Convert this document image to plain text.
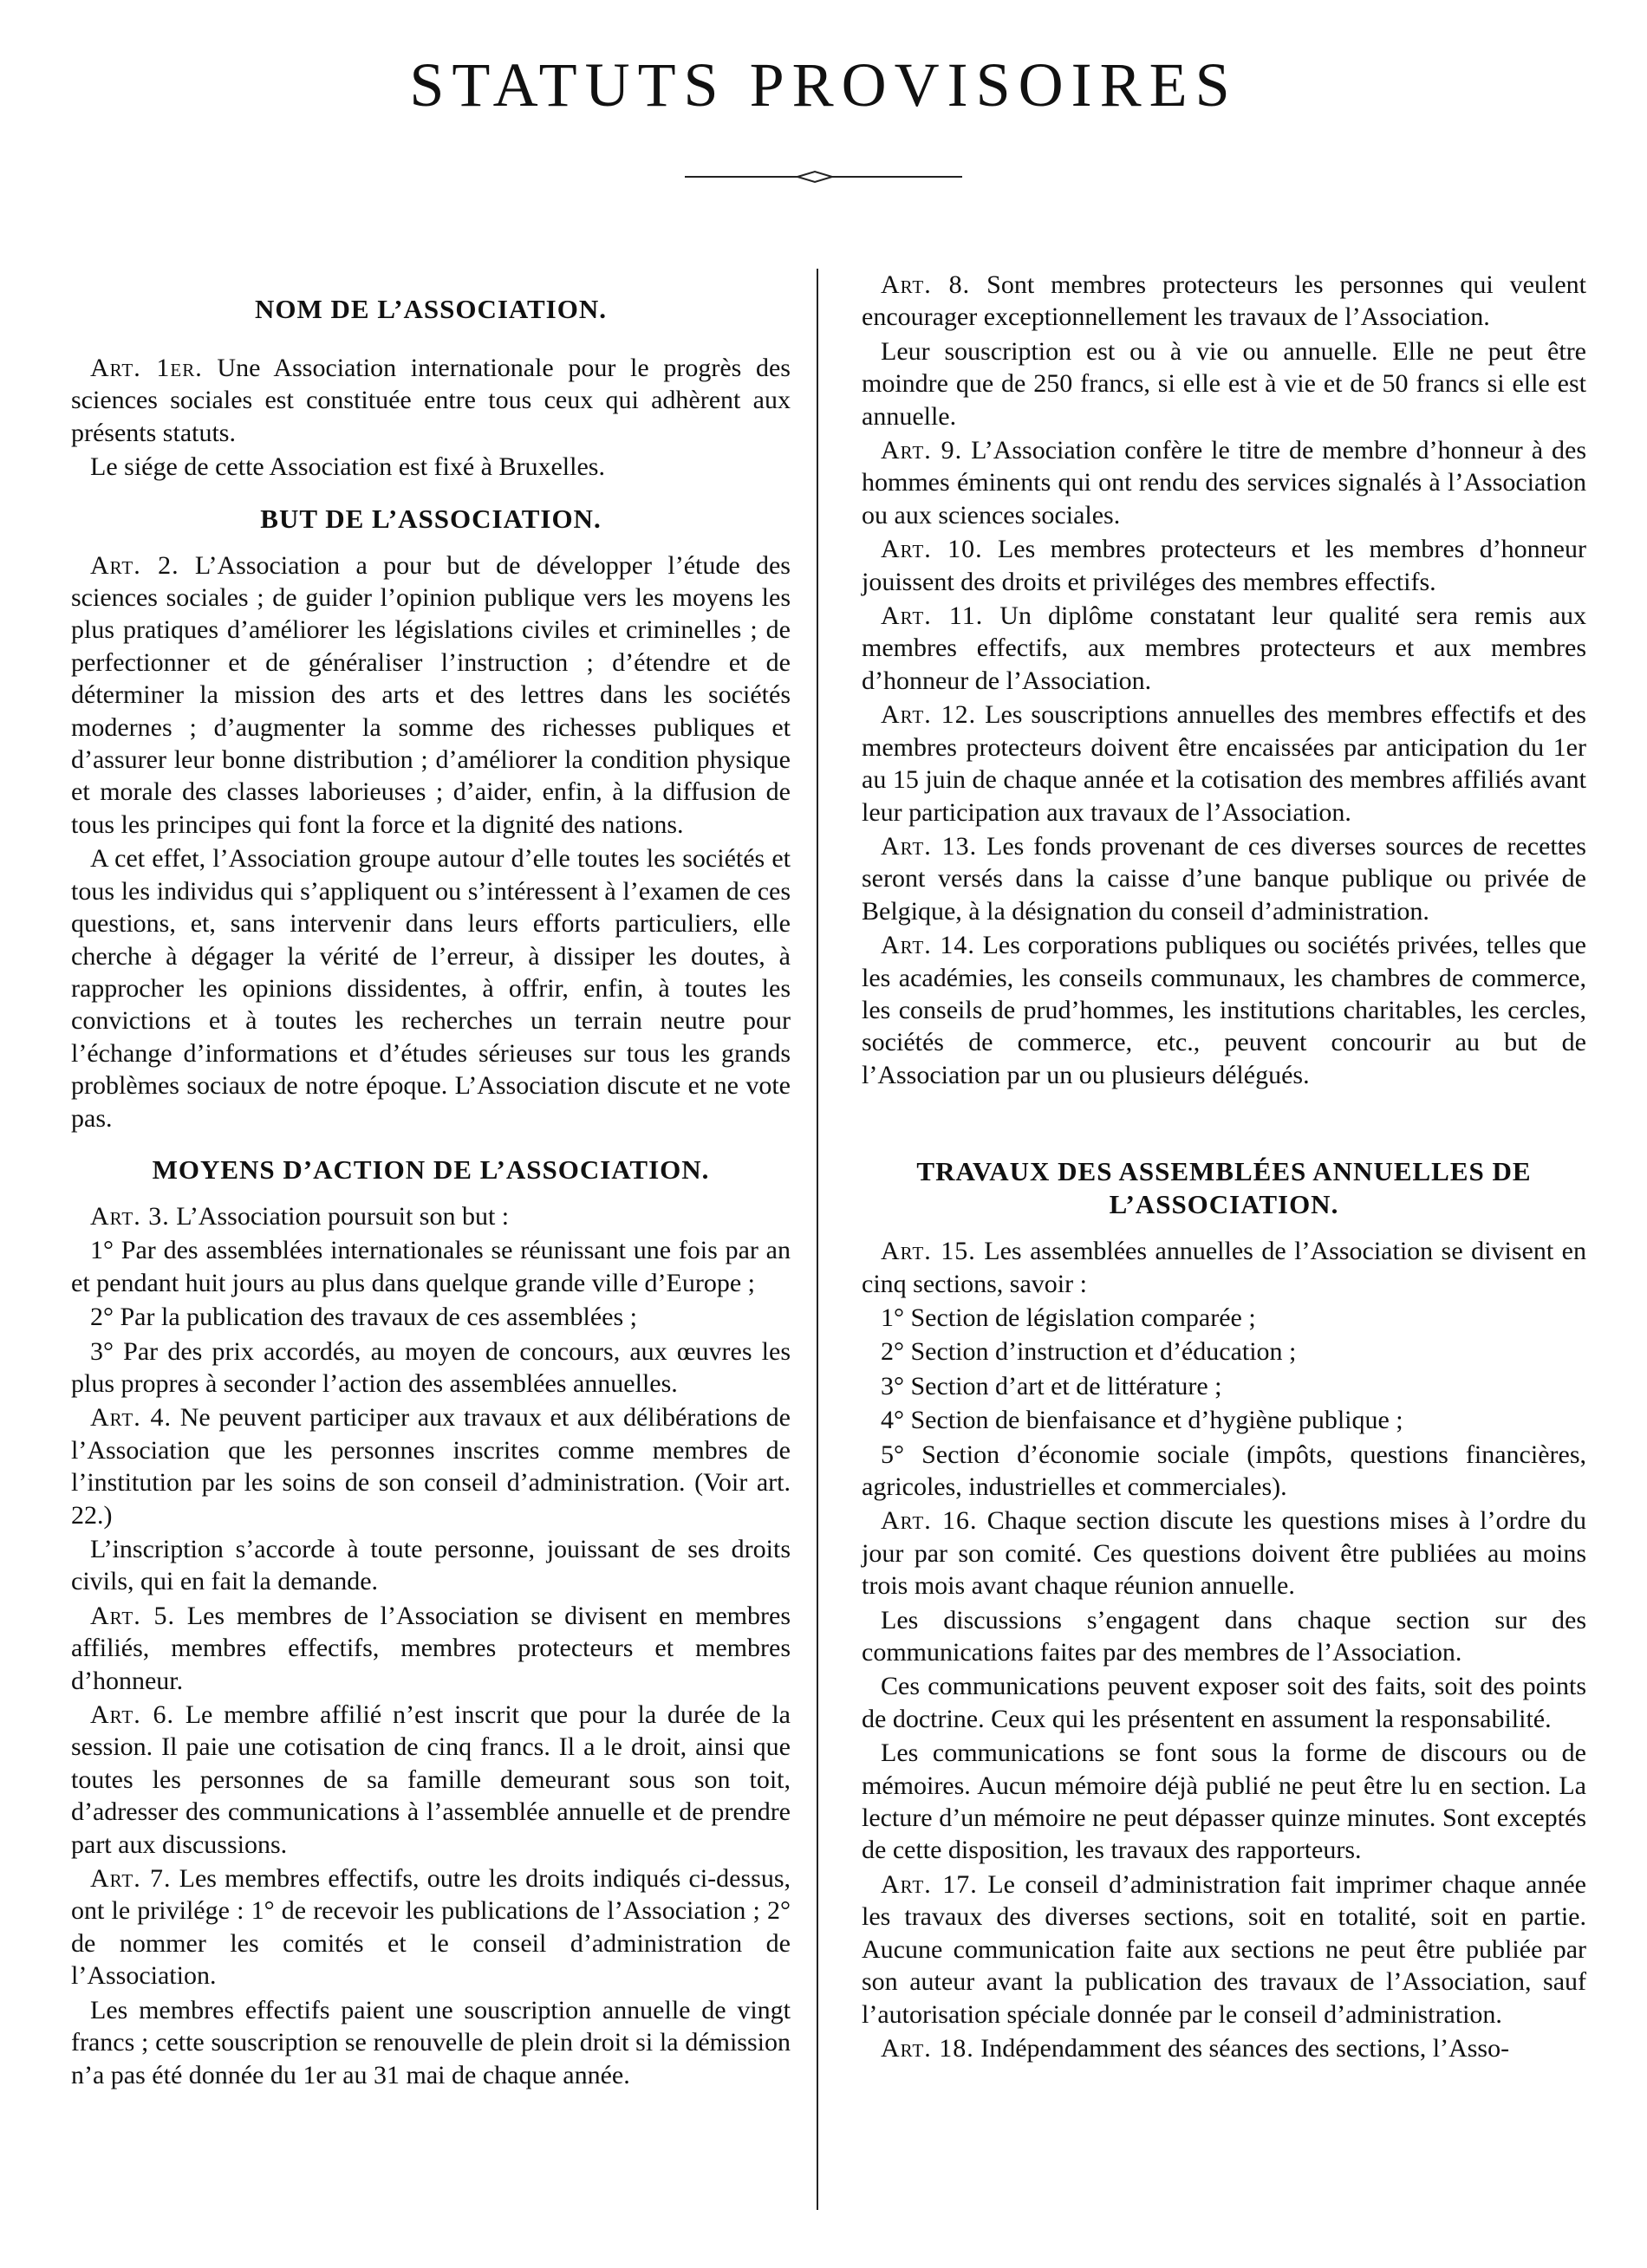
STATUTS PROVISOIRES
NOM DE L’ASSOCIATION.

Art. 1er. Une Association internationale pour le progrès des sciences sociales est constituée entre tous ceux qui adhèrent aux présents statuts.

Le siége de cette Association est fixé à Bruxelles.

BUT DE L’ASSOCIATION.

Art. 2. L’Association a pour but de développer l’étude des sciences sociales ; de guider l’opinion publique vers les moyens les plus pratiques d’améliorer les législations civiles et criminelles ; de perfectionner et de généraliser l’instruction ; d’étendre et de déterminer la mission des arts et des lettres dans les sociétés modernes ; d’augmenter la somme des richesses publiques et d’assurer leur bonne distribution ; d’améliorer la condition physique et morale des classes laborieuses ; d’aider, enfin, à la diffusion de tous les principes qui font la force et la dignité des nations.

A cet effet, l’Association groupe autour d’elle toutes les sociétés et tous les individus qui s’appliquent ou s’intéressent à l’examen de ces questions, et, sans intervenir dans leurs efforts particuliers, elle cherche à dégager la vérité de l’erreur, à dissiper les doutes, à rapprocher les opinions dissidentes, à offrir, enfin, à toutes les convictions et à toutes les recherches un terrain neutre pour l’échange d’informations et d’études sérieuses sur tous les grands problèmes sociaux de notre époque. L’Association discute et ne vote pas.

MOYENS D’ACTION DE L’ASSOCIATION.

Art. 3. L’Association poursuit son but :

1° Par des assemblées internationales se réunissant une fois par an et pendant huit jours au plus dans quelque grande ville d’Europe ;

2° Par la publication des travaux de ces assemblées ;

3° Par des prix accordés, au moyen de concours, aux œuvres les plus propres à seconder l’action des assemblées annuelles.

Art. 4. Ne peuvent participer aux travaux et aux délibérations de l’Association que les personnes inscrites comme membres de l’institution par les soins de son conseil d’administration. (Voir art. 22.)

L’inscription s’accorde à toute personne, jouissant de ses droits civils, qui en fait la demande.

Art. 5. Les membres de l’Association se divisent en membres affiliés, membres effectifs, membres protecteurs et membres d’honneur.

Art. 6. Le membre affilié n’est inscrit que pour la durée de la session. Il paie une cotisation de cinq francs. Il a le droit, ainsi que toutes les personnes de sa famille demeurant sous son toit, d’adresser des communications à l’assemblée annuelle et de prendre part aux discussions.

Art. 7. Les membres effectifs, outre les droits indiqués ci-dessus, ont le privilége : 1° de recevoir les publications de l’Association ; 2° de nommer les comités et le conseil d’administration de l’Association.

Les membres effectifs paient une souscription annuelle de vingt francs ; cette souscription se renouvelle de plein droit si la démission n’a pas été donnée du 1er au 31 mai de chaque année.

Art. 8. Sont membres protecteurs les personnes qui veulent encourager exceptionnellement les travaux de l’Association.

Leur souscription est ou à vie ou annuelle. Elle ne peut être moindre que de 250 francs, si elle est à vie et de 50 francs si elle est annuelle.

Art. 9. L’Association confère le titre de membre d’honneur à des hommes éminents qui ont rendu des services signalés à l’Association ou aux sciences sociales.

Art. 10. Les membres protecteurs et les membres d’honneur jouissent des droits et priviléges des membres effectifs.

Art. 11. Un diplôme constatant leur qualité sera remis aux membres effectifs, aux membres protecteurs et aux membres d’honneur de l’Association.

Art. 12. Les souscriptions annuelles des membres effectifs et des membres protecteurs doivent être encaissées par anticipation du 1er au 15 juin de chaque année et la cotisation des membres affiliés avant leur participation aux travaux de l’Association.

Art. 13. Les fonds provenant de ces diverses sources de recettes seront versés dans la caisse d’une banque publique ou privée de Belgique, à la désignation du conseil d’administration.

Art. 14. Les corporations publiques ou sociétés privées, telles que les académies, les conseils communaux, les chambres de commerce, les conseils de prud’hommes, les institutions charitables, les cercles, sociétés de commerce, etc., peuvent concourir au but de l’Association par un ou plusieurs délégués.

TRAVAUX DES ASSEMBLÉES ANNUELLES DE L’ASSOCIATION.

Art. 15. Les assemblées annuelles de l’Association se divisent en cinq sections, savoir :

1° Section de législation comparée ;

2° Section d’instruction et d’éducation ;

3° Section d’art et de littérature ;

4° Section de bienfaisance et d’hygiène publique ;

5° Section d’économie sociale (impôts, questions financières, agricoles, industrielles et commerciales).

Art. 16. Chaque section discute les questions mises à l’ordre du jour par son comité. Ces questions doivent être publiées au moins trois mois avant chaque réunion annuelle.

Les discussions s’engagent dans chaque section sur des communications faites par des membres de l’Association.

Ces communications peuvent exposer soit des faits, soit des points de doctrine. Ceux qui les présentent en assument la responsabilité.

Les communications se font sous la forme de discours ou de mémoires. Aucun mémoire déjà publié ne peut être lu en section. La lecture d’un mémoire ne peut dépasser quinze minutes. Sont exceptés de cette disposition, les travaux des rapporteurs.

Art. 17. Le conseil d’administration fait imprimer chaque année les travaux des diverses sections, soit en totalité, soit en partie. Aucune communication faite aux sections ne peut être publiée par son auteur avant la publication des travaux de l’Association, sauf l’autorisation spéciale donnée par le conseil d’administration.

Art. 18. Indépendamment des séances des sections, l’Asso-
